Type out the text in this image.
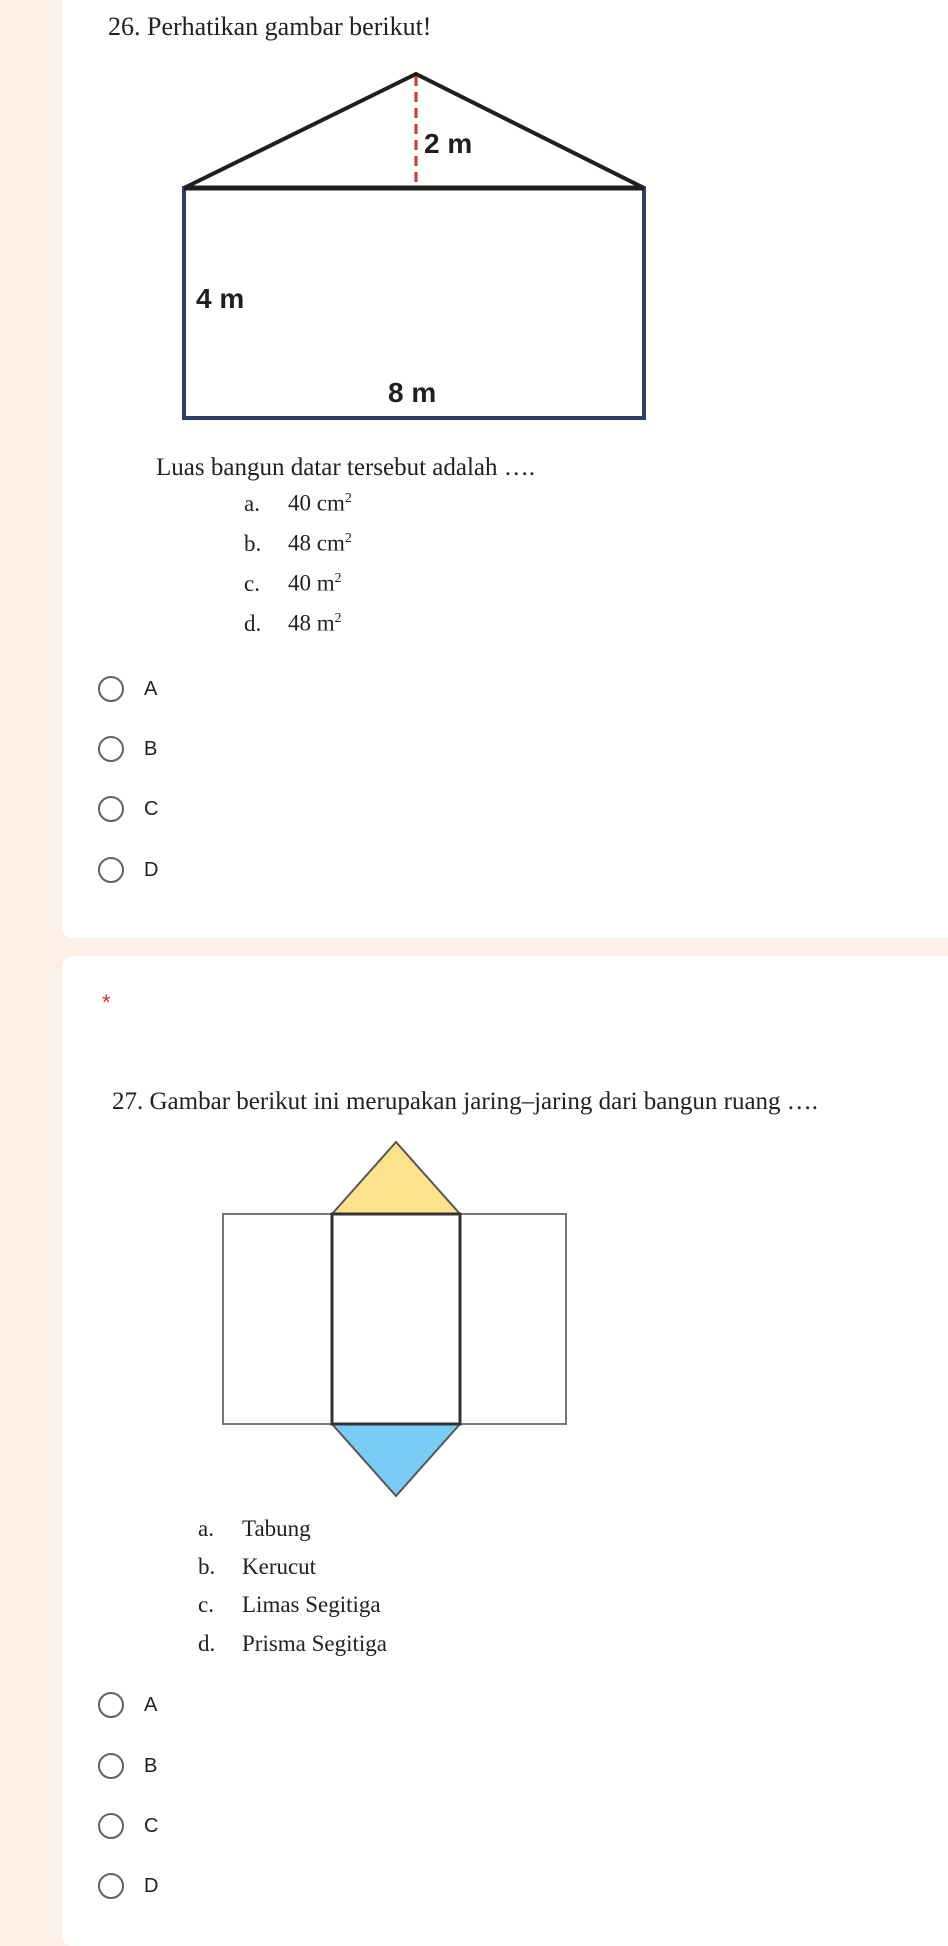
26. Perhatikan gambar berikut!
2 m
4 m
8 m
Luas bangun datar tersebut adalah ….
a. 40 $cm^2$
b. 48 $cm^2$
c. 40 $m^2$
d. 48 $m^2$
A
B
C
D
*
27. Gambar berikut ini merupakan jaring–jaring dari bangun ruang ….
a. Tabung
b. Kerucut
c. Limas Segitiga
d. Prisma Segitiga
A
B
C
D
